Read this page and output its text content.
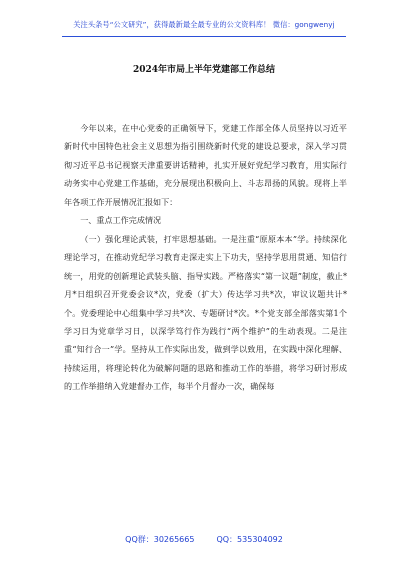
关注头条号“公文研究”，获得最新最全最专业的公文资料库！ 微信：gongwenyj
2024年市局上半年党建部工作总结

今年以来，在中心党委的正确领导下，党建工作部全体人员坚持以习近平新时代中国特色社会主义思想为指引围绕新时代党的建设总要求，深入学习贯彻习近平总书记视察天津重要讲话精神，扎实开展好党纪学习教育，用实际行动务实中心党建工作基础，充分展现出积极向上、斗志昂扬的风貌。现将上半年各项工作开展情况汇报如下：

一、重点工作完成情况

（一）强化理论武装，打牢思想基础。一是注重“原原本本”学。持续深化理论学习，在推动党纪学习教育走深走实上下功夫，坚持学思用贯通、知信行统一，用党的创新理论武装头脑、指导实践。严格落实“第一议题”制度，截止*月*日组织召开党委会议*次，党委（扩大）传达学习共*次，审议议题共计*个。党委理论中心组集中学习共*次、专题研讨*次。*个党支部全部落实第1个学习日为党章学习日，以深学笃行作为践行“两个维护”的生动表现。二是注重“知行合一”学。坚持从工作实际出发，做到学以致用，在实践中深化理解、持续运用，将理论转化为破解问题的思路和推动工作的举措，将学习研讨形成的工作举措纳入党建督办工作，每半个月督办一次，确保每

QQ群：30265665	QQ：535304092
